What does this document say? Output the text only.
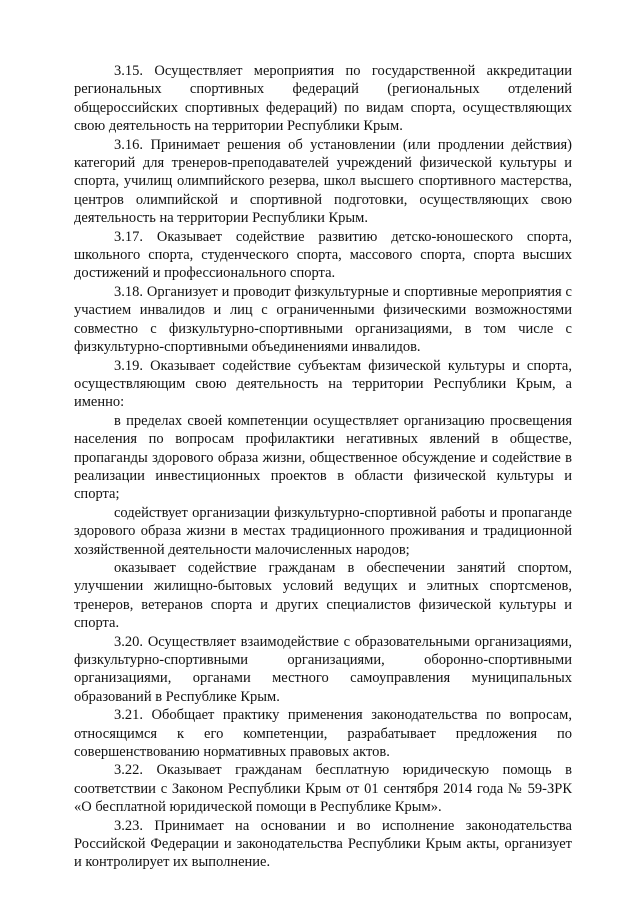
3.15. Осуществляет мероприятия по государственной аккредитации региональных спортивных федераций (региональных отделений общероссийских спортивных федераций) по видам спорта, осуществляющих свою деятельность на территории Республики Крым.

3.16. Принимает решения об установлении (или продлении действия) категорий для тренеров-преподавателей учреждений физической культуры и спорта, училищ олимпийского резерва, школ высшего спортивного мастерства, центров олимпийской и спортивной подготовки, осуществляющих свою деятельность на территории Республики Крым.

3.17. Оказывает содействие развитию детско-юношеского спорта, школьного спорта, студенческого спорта, массового спорта, спорта высших достижений и профессионального спорта.

3.18. Организует и проводит физкультурные и спортивные мероприятия с участием инвалидов и лиц с ограниченными физическими возможностями совместно с физкультурно-спортивными организациями, в том числе с физкультурно-спортивными объединениями инвалидов.

3.19. Оказывает содействие субъектам физической культуры и спорта, осуществляющим свою деятельность на территории Республики Крым, а именно:

в пределах своей компетенции осуществляет организацию просвещения населения по вопросам профилактики негативных явлений в обществе, пропаганды здорового образа жизни, общественное обсуждение и содействие в реализации инвестиционных проектов в области физической культуры и спорта;

содействует организации физкультурно-спортивной работы и пропаганде здорового образа жизни в местах традиционного проживания и традиционной хозяйственной деятельности малочисленных народов;

оказывает содействие гражданам в обеспечении занятий спортом, улучшении жилищно-бытовых условий ведущих и элитных спортсменов, тренеров, ветеранов спорта и других специалистов физической культуры и спорта.

3.20. Осуществляет взаимодействие с образовательными организациями, физкультурно-спортивными организациями, оборонно-спортивными организациями, органами местного самоуправления муниципальных образований в Республике Крым.

3.21. Обобщает практику применения законодательства по вопросам, относящимся к его компетенции, разрабатывает предложения по совершенствованию нормативных правовых актов.

3.22. Оказывает гражданам бесплатную юридическую помощь в соответствии с Законом Республики Крым от 01 сентября 2014 года № 59-ЗРК «О бесплатной юридической помощи в Республике Крым».

3.23. Принимает на основании и во исполнение законодательства Российской Федерации и законодательства Республики Крым акты, организует и контролирует их выполнение.
